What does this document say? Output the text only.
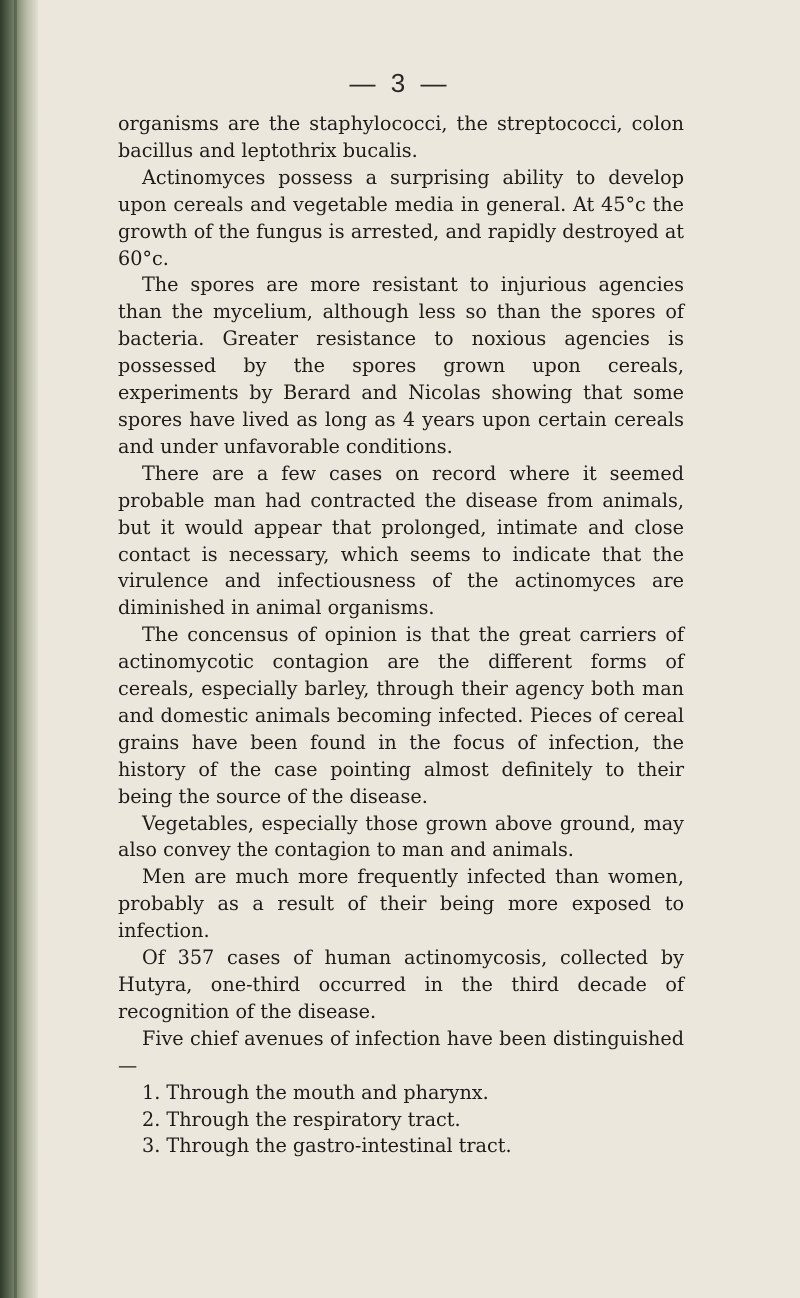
— 3 —

organisms are the staphylococci, the streptococci, colon bacillus and leptothrix bucalis.

Actinomyces possess a surprising ability to develop upon cereals and vegetable media in general. At 45°c the growth of the fungus is arrested, and rapidly destroyed at 60°c.

The spores are more resistant to injurious agencies than the mycelium, although less so than the spores of bacteria. Greater resistance to noxious agencies is possessed by the spores grown upon cereals, experiments by Berard and Nicolas showing that some spores have lived as long as 4 years upon certain cereals and under unfavorable conditions.

There are a few cases on record where it seemed probable man had contracted the disease from animals, but it would appear that prolonged, intimate and close contact is necessary, which seems to indicate that the virulence and infectiousness of the actinomyces are diminished in animal organisms.

The concensus of opinion is that the great carriers of actinomycotic contagion are the different forms of cereals, especially barley, through their agency both man and domestic animals becoming infected. Pieces of cereal grains have been found in the focus of infection, the history of the case pointing almost definitely to their being the source of the disease.

Vegetables, especially those grown above ground, may also convey the contagion to man and animals.

Men are much more frequently infected than women, probably as a result of their being more exposed to infection.

Of 357 cases of human actinomycosis, collected by Hutyra, one-third occurred in the third decade of recognition of the disease.

Five chief avenues of infection have been distinguished—

1. Through the mouth and pharynx.

2. Through the respiratory tract.

3. Through the gastro-intestinal tract.
